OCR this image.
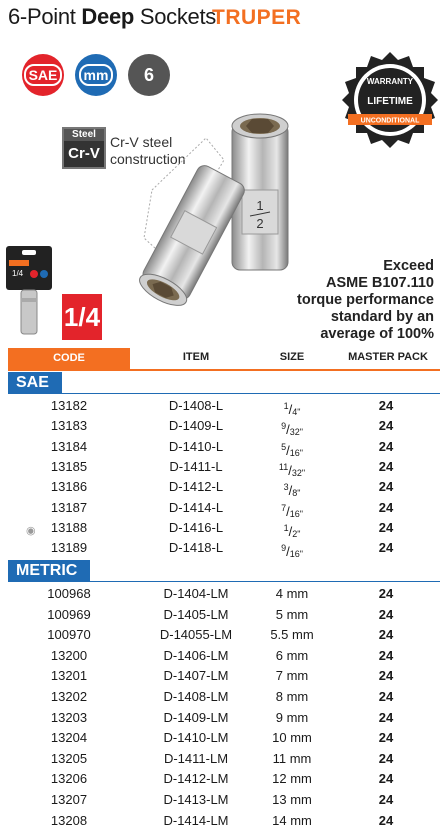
6-Point Deep Sockets
TRUPER
SAE	mm 6	WARRANTY
LIFETIME
UNCONDITIONAL
Steel
Cr-V
Cr-V steel
construction
1
2
1/4
1/4
Exceed
ASME B107.110
torque performance
standard by an
average of 100%
CODE	ITEM	SIZE	MASTER PACK
SAE
13182	D-1408-L	$^1$/4"	24
13183	D-1409-L	$^9$/32"	24
13184	D-1410-L	$^5$/16"	24
13185	D-1411-L	$^{11}$/32"	24
13186	D-1412-L	$^3$/8"	24
13187	D-1414-L	$^7$/16"	24
13188	D-1416-L	$^1$/2"	24
◉
13189	D-1418-L	$^9$/16"	24
METRIC
100968	D-1404-LM	4 mm	24
100969	D-1405-LM	5 mm	24
100970	D-14055-LM	5.5 mm	24
13200	D-1406-LM	6 mm	24
13201	D-1407-LM	7 mm	24
13202	D-1408-LM	8 mm	24
13203	D-1409-LM	9 mm	24
13204	D-1410-LM	10 mm	24
13205	D-1411-LM	11 mm	24
13206	D-1412-LM	12 mm	24
13207	D-1413-LM	13 mm	24
13208	D-1414-LM	14 mm	24
